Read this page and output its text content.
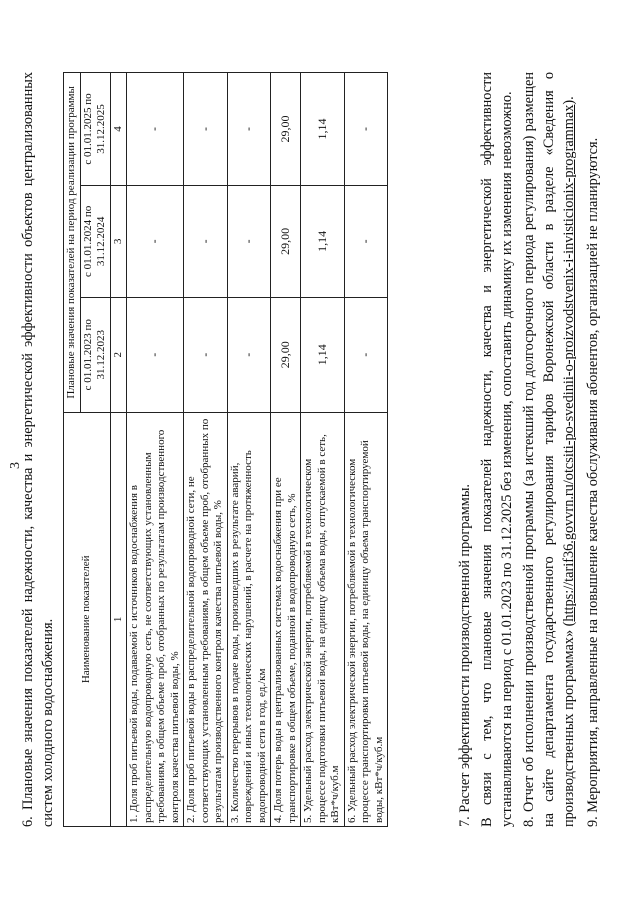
3
6. Плановые значения показателей надежности, качества и энергетической эффективности объектов централизованных систем холодного водоснабжения. Наименование показателей	Плановые значения показателей на период реализации программы		
	с 01.01.2023 по 31.12.2023	с 01.01.2024 по 31.12.2024	с 01.01.2025 по 31.12.2025
1	2	3	4
1. Доля проб питьевой воды, подаваемой с источников водоснабжения в распределительную водопроводную сеть, не соответствующих установленным требованиям, в общем объеме проб, отобранных по результатам производственного контроля качества питьевой воды, %	-	-	-
2. Доля проб питьевой воды в распределительной водопроводной сети, не соответствующих установленным требованиям, в общем объеме проб, отобранных по результатам производственного контроля качества питьевой воды, %	-	-	-
3. Количество перерывов в подаче воды, произошедших в результате аварий, повреждений и иных технологических нарушений, в расчете на протяженность водопроводной сети в год, ед./км	-	-	-
4. Доля потерь воды в централизованных системах водоснабжения при ее транспортировке в общем объеме, поданной в водопроводную сеть, %	29,00	29,00	29,00
5. Удельный расход электрической энергии, потребляемой в технологическом процессе подготовки питьевой воды, на единицу объема воды, отпускаемой в сеть, кВт*ч/куб.м	1,14	1,14	1,14
6. Удельный расход электрической энергии, потребляемой в технологическом процессе транспортировки питьевой воды, на единицу объема транспортируемой воды, кВт*ч/куб.м	-	-	-
7. Расчет эффективности производственной программы. В связи с тем, что плановые значения показателей надежности, качества и энергетической эффективности устанавливаются на период с 01.01.2023 по 31.12.2025 без изменения, сопоставить динамику их изменения невозможно. 8. Отчет об исполнении производственной программы (за истекший год долгосрочного периода регулирования) размещен на сайте департамента государственного регулирования тарифов Воронежской области в разделе «Сведения о производственных программах» (https://tarif36.govvrn.ru/otcsiti-po-svedinii-o-proizvodstvenix-i-invisticionix-programmax).
9. Мероприятия, направленные на повышение качества обслуживания абонентов, организацией не планируются.
